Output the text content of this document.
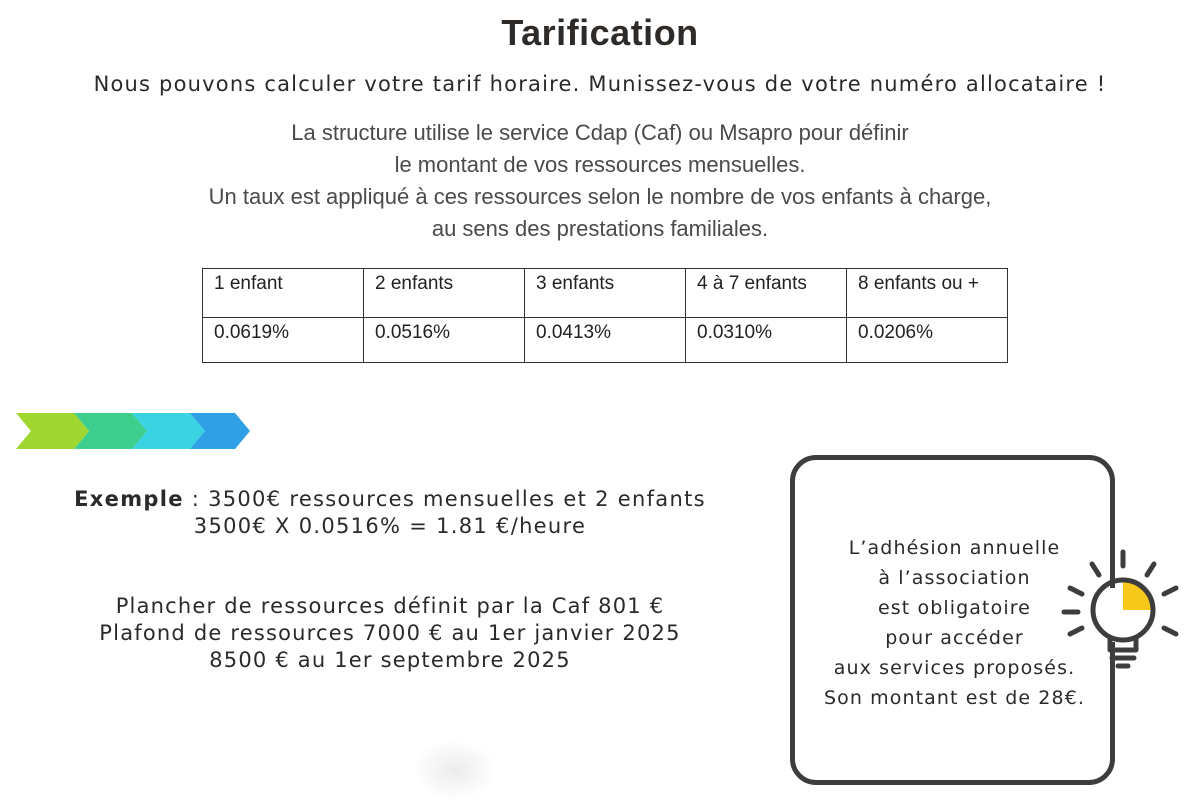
Tarification
Nous pouvons calculer votre tarif horaire. Munissez-vous de votre numéro allocataire !
La structure utilise le service Cdap (Caf) ou Msapro pour définir
le montant de vos ressources mensuelles.
Un taux est appliqué à ces ressources selon le nombre de vos enfants à charge,
au sens des prestations familiales.
1 enfant	2 enfants	3 enfants	4 à 7 enfants	8 enfants ou +
0.0619%	0.0516%	0.0413%	0.0310%	0.0206%
Exemple : 3500€ ressources mensuelles et 2 enfants
3500€ X 0.0516% = 1.81 €/heure
Plancher de ressources définit par la Caf 801 €
Plafond de ressources 7000 € au 1er janvier 2025
8500 € au 1er septembre 2025
L’adhésion annuelle
à l’association
est obligatoire
pour accéder
aux services proposés.
Son montant est de 28€.
